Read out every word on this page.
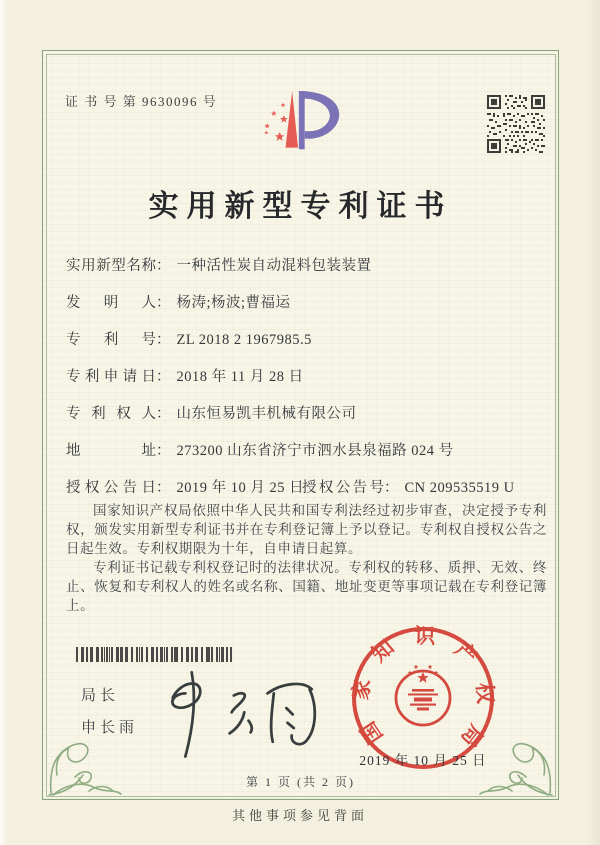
证 书 号 第 9630096 号
实用新型专利证书
实用新型名称： 一种活性炭自动混料包装装置
发明人： 杨涛;杨波;曹福运
专利号： ZL 2018 2 1967985.5
专利申请日： 2018 年 11 月 28 日
专利权人： 山东恒易凯丰机械有限公司
地址： 273200 山东省济宁市泗水县泉福路 024 号
授权公告日： 2019 年 10 月 25 日
授权公告号： CN 209535519 U

国家知识产权局依照中华人民共和国专利法经过初步审查，决定授予专利权，颁发实用新型专利证书并在专利登记簿上予以登记。专利权自授权公告之日起生效。专利权期限为十年，自申请日起算。

专利证书记载专利权登记时的法律状况。专利权的转移、质押、无效、终止、恢复和专利权人的姓名或名称、国籍、地址变更等事项记载在专利登记簿上。

局长
申长雨	国家知识产权局
2019 年 10 月 25 日
第 1 页 (共 2 页)
其他事项参见背面
